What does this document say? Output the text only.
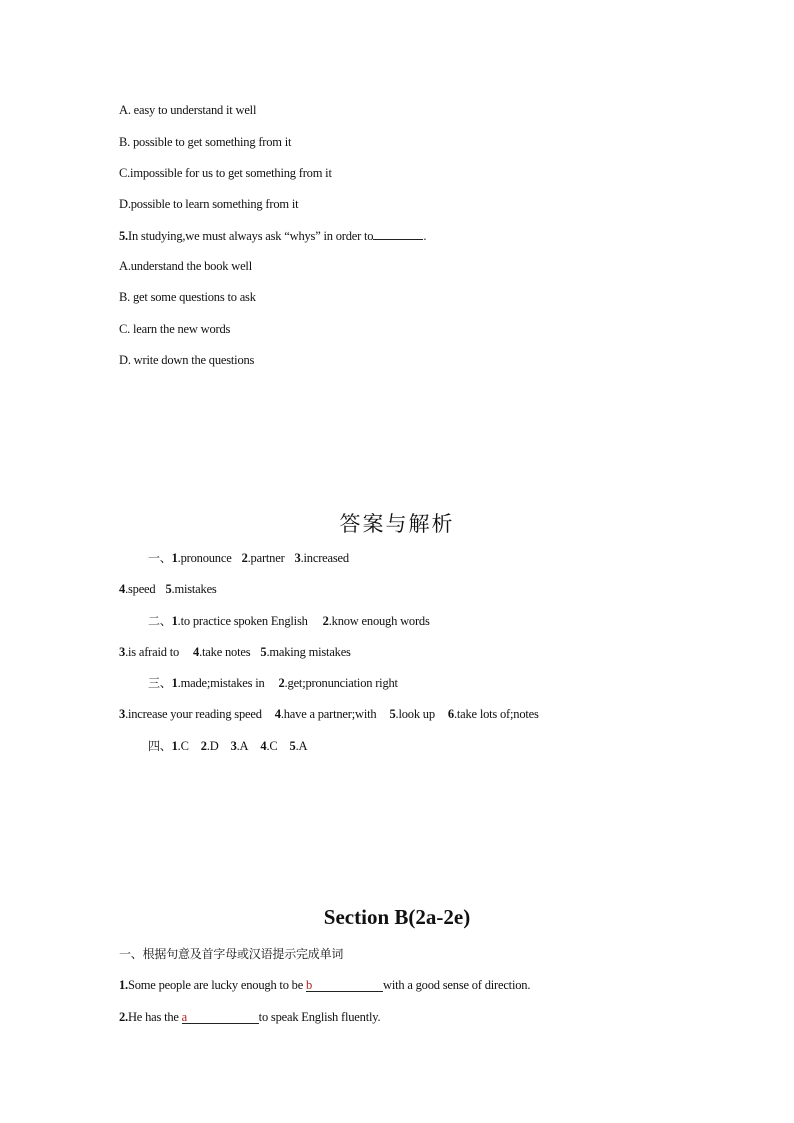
A. easy to understand it well
B. possible to get something from it
C.impossible for us to get something from it
D.possible to learn something from it
5.In studying,we must always ask “whys” in order to	.
A.understand the book well
B. get some questions to ask
C. learn the new words
D. write down the questions
答案与解析
一、1.pronounce 2.partner 3.increased
4.speed 5.mistakes
二、1.to practice spoken English 2.know enough words
3.is afraid to 4.take notes 5.making mistakes
三、1.made;mistakes in 2.get;pronunciation right
3.increase your reading speed 4.have a partner;with 5.look up 6.take lots of;notes
四、1.C 2.D 3.A 4.C 5.A
Section B(2a-2e)
一、根据句意及首字母或汉语提示完成单词
1.Some people are lucky enough to be b	with a good sense of direction.
2.He has the a	to speak English fluently.
